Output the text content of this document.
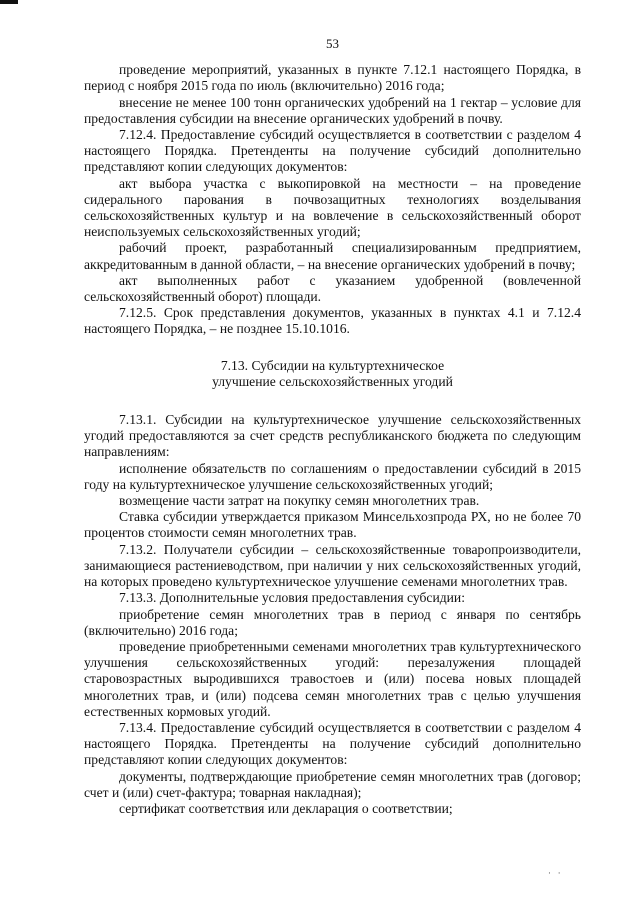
53

проведение мероприятий, указанных в пункте 7.12.1 настоящего Порядка, в период с ноября 2015 года по июль (включительно) 2016 года;

внесение не менее 100 тонн органических удобрений на 1 гектар – условие для предоставления субсидии на внесение органических удобрений в почву.

7.12.4. Предоставление субсидий осуществляется в соответствии с разделом 4 настоящего Порядка. Претенденты на получение субсидий дополнительно представляют копии следующих документов:

акт выбора участка с выкопировкой на местности – на проведение сидерального парования в почвозащитных технологиях возделывания сельскохозяйственных культур и на вовлечение в сельскохозяйственный оборот неиспользуемых сельскохозяйственных угодий;

рабочий проект, разработанный специализированным предприятием, аккредитованным в данной области, – на внесение органических удобрений в почву;

акт выполненных работ с указанием удобренной (вовлеченной сельскохозяйственный оборот) площади.

7.12.5. Срок представления документов, указанных в пунктах 4.1 и 7.12.4 настоящего Порядка, – не позднее 15.10.1016.

7.13. Субсидии на культуртехническое
улучшение сельскохозяйственных угодий

7.13.1. Субсидии на культуртехническое улучшение сельскохозяйственных угодий предоставляются за счет средств республиканского бюджета по следующим направлениям:

исполнение обязательств по соглашениям о предоставлении субсидий в 2015 году на культуртехническое улучшение сельскохозяйственных угодий;

возмещение части затрат на покупку семян многолетних трав.

Ставка субсидии утверждается приказом Минсельхозпрода РХ, но не более 70 процентов стоимости семян многолетних трав.

7.13.2. Получатели субсидии – сельскохозяйственные товаропроизводители, занимающиеся растениеводством, при наличии у них сельскохозяйственных угодий, на которых проведено культуртехническое улучшение семенами многолетних трав.

7.13.3. Дополнительные условия предоставления субсидии:

приобретение семян многолетних трав в период с января по сентябрь (включительно) 2016 года;

проведение приобретенными семенами многолетних трав культуртехнического улучшения сельскохозяйственных угодий: перезалужения площадей старовозрастных выродившихся травостоев и (или) посева новых площадей многолетних трав, и (или) подсева семян многолетних трав с целью улучшения естественных кормовых угодий.

7.13.4. Предоставление субсидий осуществляется в соответствии с разделом 4 настоящего Порядка. Претенденты на получение субсидий дополнительно представляют копии следующих документов:

документы, подтверждающие приобретение семян многолетних трав (договор; счет и (или) счет-фактура; товарная накладная);

сертификат соответствия или декларация о соответствии;

· ·
